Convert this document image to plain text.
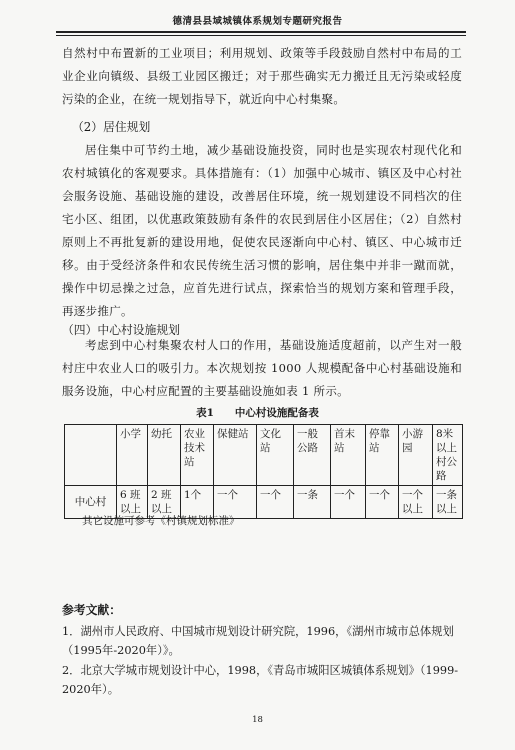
德清县县域城镇体系规划专题研究报告

自然村中布置新的工业项目；利用规划、政策等手段鼓励自然村中布局的工业企业向镇级、县级工业园区搬迁；对于那些确实无力搬迁且无污染或轻度污染的企业，在统一规划指导下，就近向中心村集聚。

（2）居住规划

居住集中可节约土地，减少基础设施投资，同时也是实现农村现代化和农村城镇化的客观要求。具体措施有：（1）加强中心城市、镇区及中心村社会服务设施、基础设施的建设，改善居住环境，统一规划建设不同档次的住宅小区、组团，以优惠政策鼓励有条件的农民到居住小区居住；（2）自然村原则上不再批复新的建设用地，促使农民逐渐向中心村、镇区、中心城市迁移。由于受经济条件和农民传统生活习惯的影响，居住集中并非一蹴而就，操作中切忌操之过急，应首先进行试点，探索恰当的规划方案和管理手段，再逐步推广。

（四）中心村设施规划

考虑到中心村集聚农村人口的作用，基础设施适度超前，以产生对一般村庄中农业人口的吸引力。本次规划按 1000 人规模配备中心村基础设施和服务设施，中心村应配置的主要基础设施如表 1 所示。

表1　　中心村设施配备表
	小学	幼托	农业技术站	保健站	文化站	一般公路	首末站	停靠站	小游园	8米以上村公路
中心村	6 班以上	2 班以上	1个	一个	一个	一条	一个	一个	一个以上	一条以上
其它设施可参考《村镇规划标准》
参考文献：

1．湖州市人民政府、中国城市规划设计研究院，1996，《湖州市城市总体规划（1995年-2020年）》。

2．北京大学城市规划设计中心，1998，《青岛市城阳区城镇体系规划》（1999-2020年）。

18
